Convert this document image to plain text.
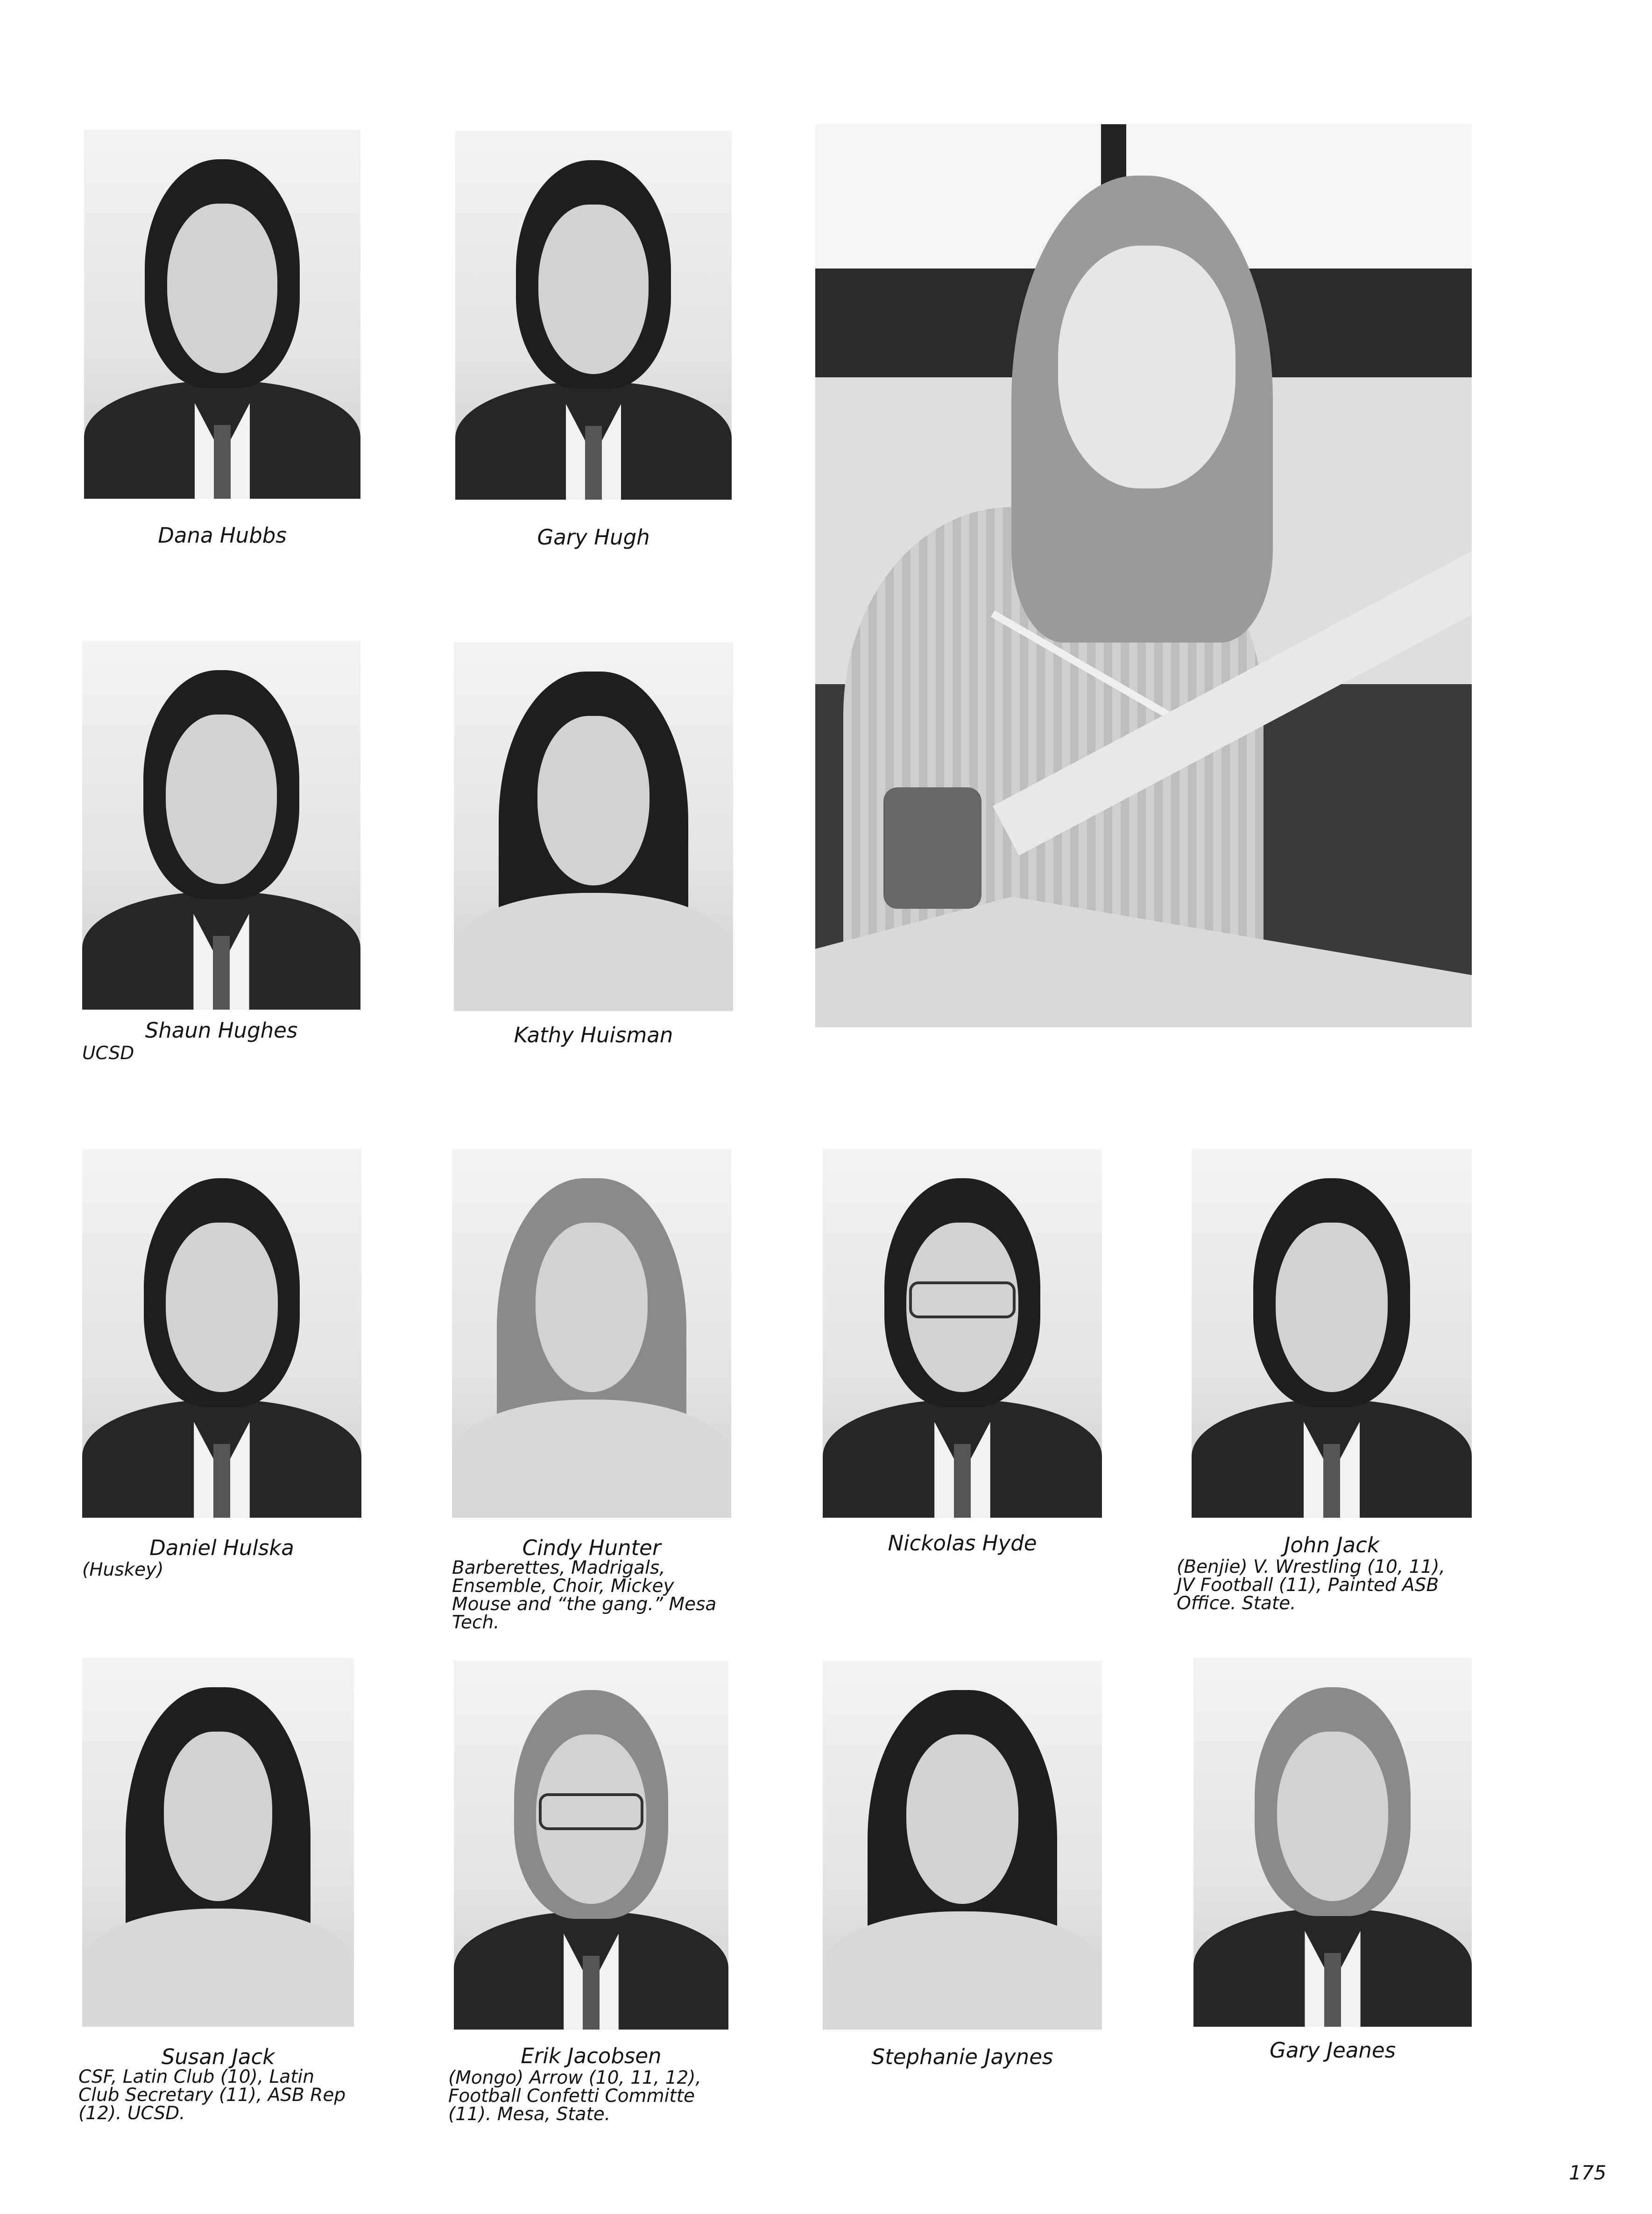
Dana Hubbs	Gary Hugh
Shaun Hughes
UCSD
Kathy Huisman
Daniel Hulska
(Huskey)
Cindy Hunter
Barberettes, Madrigals,
Ensemble, Choir, Mickey
Mouse and “the gang.” Mesa
Tech.
Nickolas Hyde	John Jack
(Benjie) V. Wrestling (10, 11),
JV Football (11), Painted ASB
Office. State.
Susan Jack
CSF, Latin Club (10), Latin
Club Secretary (11), ASB Rep
(12). UCSD.
Erik Jacobsen
(Mongo) Arrow (10, 11, 12),
Football Confetti Committe
(11). Mesa, State.
Stephanie Jaynes	Gary Jeanes
175
